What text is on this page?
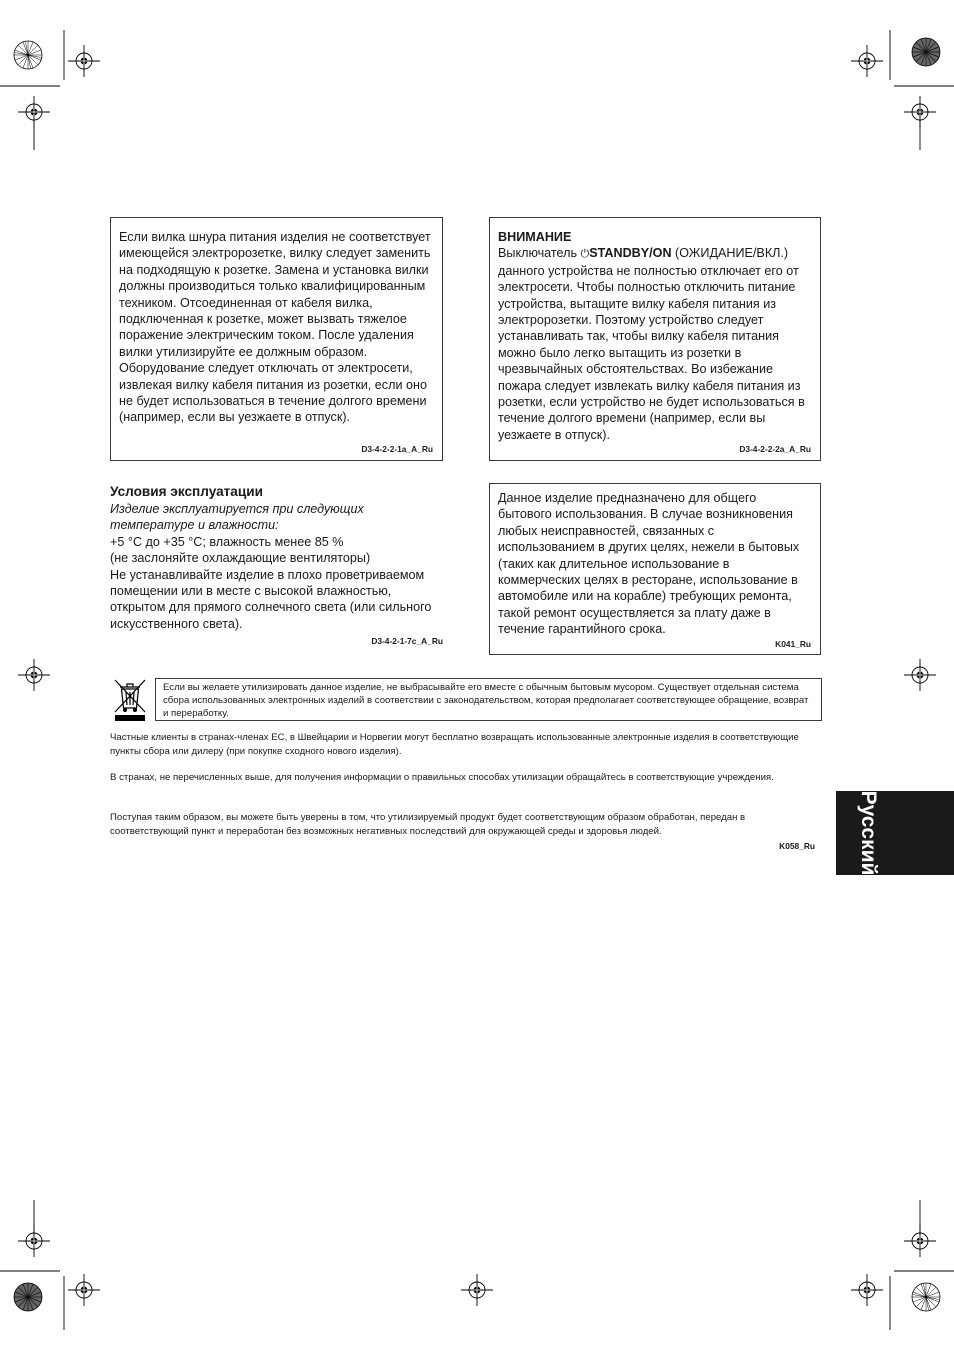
Если вилка шнура питания изделия не соответствует имеющейся электророзетке, вилку следует заменить на подходящую к розетке. Замена и установка вилки должны производиться только квалифицированным техником. Отсоединенная от кабеля вилка, подключенная к розетке, может вызвать тяжелое поражение электрическим током. После удаления вилки утилизируйте ее должным образом. Оборудование следует отключать от электросети, извлекая вилку кабеля питания из розетки, если оно не будет использоваться в течение долгого времени (например, если вы уезжаете в отпуск).

D3-4-2-2-1a_A_Ru
ВНИМАНИЕ

Выключатель ⏻STANDBY/ON (ОЖИДАНИЕ/ВКЛ.)

данного устройства не полностью отключает его от электросети. Чтобы полностью отключить питание устройства, вытащите вилку кабеля питания из электророзетки. Поэтому устройство следует устанавливать так, чтобы вилку кабеля питания можно было легко вытащить из розетки в чрезвычайных обстоятельствах. Во избежание пожара следует извлекать вилку кабеля питания из розетки, если устройство не будет использоваться в течение долгого времени (например, если вы уезжаете в отпуск).

D3-4-2-2-2a_A_Ru
Условия эксплуатации
Изделие эксплуатируется при следующих температуре и влажности:

+5 °C до +35 °C; влажность менее 85 %

(не заслоняйте охлаждающие вентиляторы)

Не устанавливайте изделие в плохо проветриваемом помещении или в месте с высокой влажностью, открытом для прямого солнечного света (или сильного искусственного света).

D3-4-2-1-7c_A_Ru

Данное изделие предназначено для общего бытового использования. В случае возникновения любых неисправностей, связанных с использованием в других целях, нежели в бытовых (таких как длительное использование в коммерческих целях в ресторане, использование в автомобиле или на корабле) требующих ремонта, такой ремонт осуществляется за плату даже в течение гарантийного срока.

K041_Ru

Если вы желаете утилизировать данное изделие, не выбрасывайте его вместе с обычным бытовым мусором. Существует отдельная система сбора использованных электронных изделий в соответствии с законодательством, которая предполагает соответствующее обращение, возврат и переработку.

Частные клиенты в странах-членах ЕС, в Швейцарии и Норвегии могут бесплатно возвращать использованные электронные изделия в соответствующие пункты сбора или дилеру (при покупке сходного нового изделия).

В странах, не перечисленных выше, для получения информации о правильных способах утилизации обращайтесь в соответствующие учреждения.

Поступая таким образом, вы можете быть уверены в том, что утилизируемый продукт будет соответствующим образом обработан, передан в соответствующий пункт и переработан без возможных негативных последствий для окружающей среды и здоровья людей.

K058_Ru Русский
